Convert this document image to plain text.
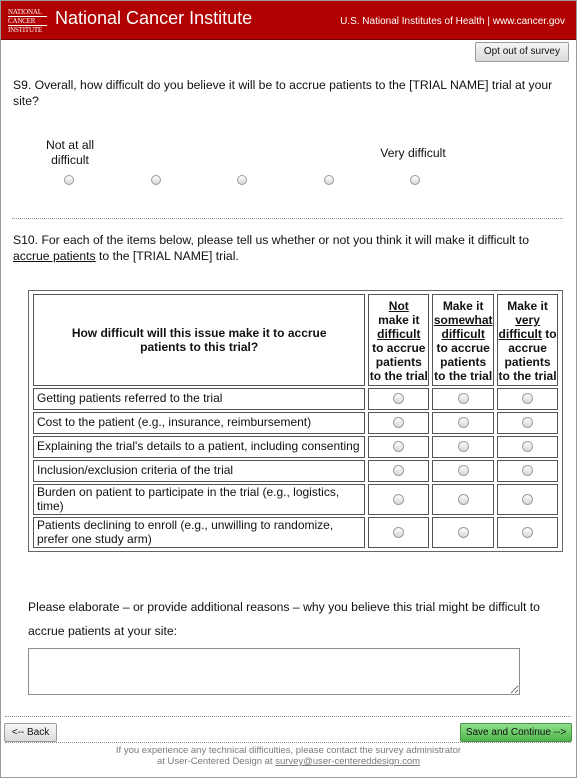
NATIONAL
CANCER
INSTITUTE
National Cancer Institute	U.S. National Institutes of Health | www.cancer.gov
Opt out of survey
S9. Overall, how difficult do you believe it will be to accrue patients to the [TRIAL NAME] trial at your site?
Not at all difficult	Very difficult
S10. For each of the items below, please tell us whether or not you think it will make it difficult to accrue patients to the [TRIAL NAME] trial.
How difficult will this issue make it to accrue patients to this trial?	Not
make it
difficult
to accrue patients to the trial	Make it
somewhat
difficult
to accrue patients to the trial	Make it
very
difficult to
accrue patients to the trial
Getting patients referred to the trial			
Cost to the patient (e.g., insurance, reimbursement)			
Explaining the trial's details to a patient, including consenting			
Inclusion/exclusion criteria of the trial			
Burden on patient to participate in the trial (e.g., logistics, time)			
Patients declining to enroll (e.g., unwilling to randomize, prefer one study arm)			
Please elaborate – or provide additional reasons – why you believe this trial might be difficult to accrue patients at your site:
<-- Back	Save and Continue -->
If you experience any technical difficulties, please contact the survey administrator
at User-Centered Design at survey@user-centereddesign.com
